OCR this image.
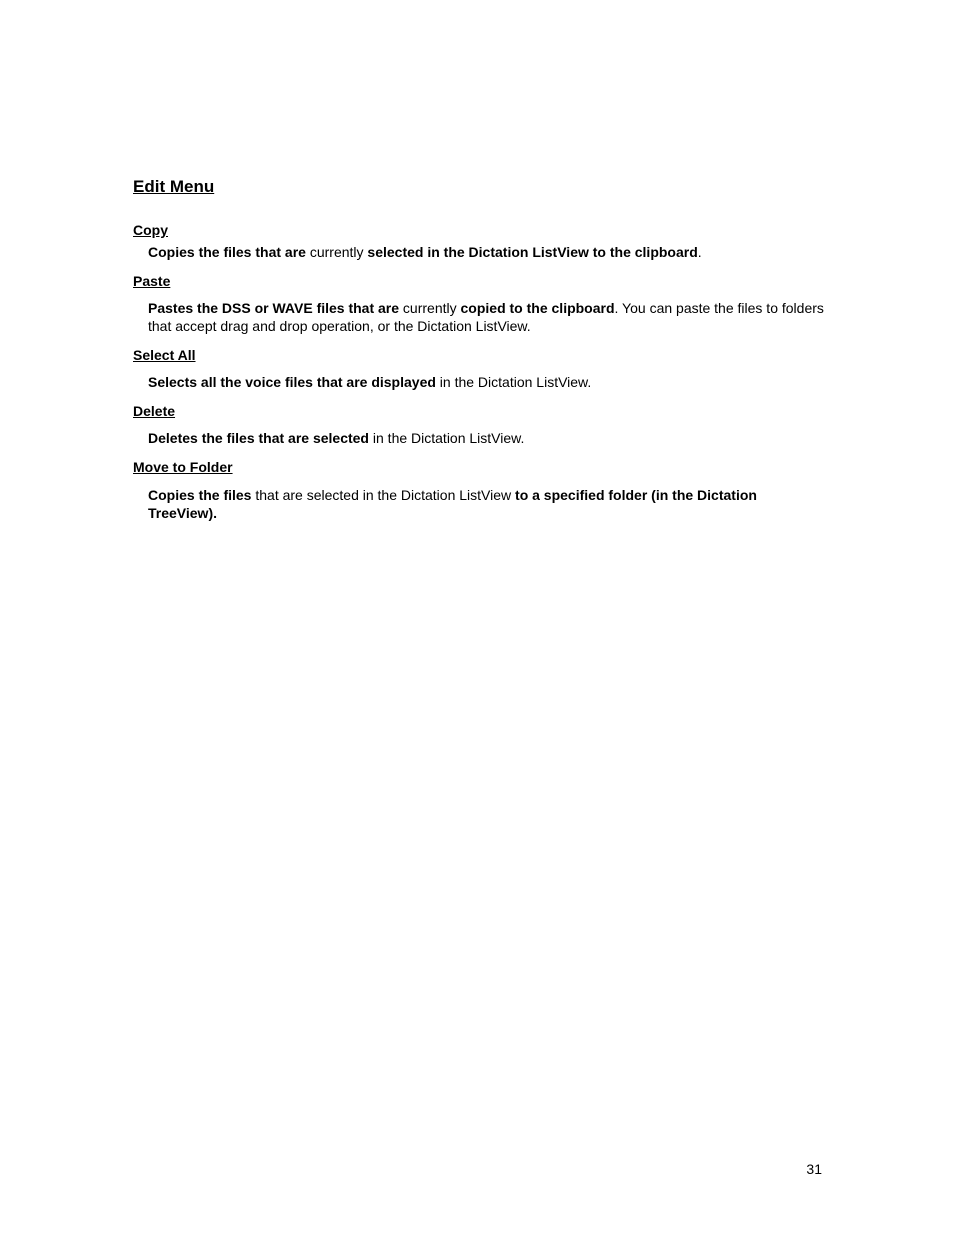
Edit Menu
Copy

Copies the files that are currently selected in the Dictation ListView to the clipboard.

Paste

Pastes the DSS or WAVE files that are currently copied to the clipboard. You can paste the files to folders that accept drag and drop operation, or the Dictation ListView.

Select All

Selects all the voice files that are displayed in the Dictation ListView.

Delete

Deletes the files that are selected in the Dictation ListView.

Move to Folder

Copies the files that are selected in the Dictation ListView to a specified folder (in the Dictation TreeView).

31
